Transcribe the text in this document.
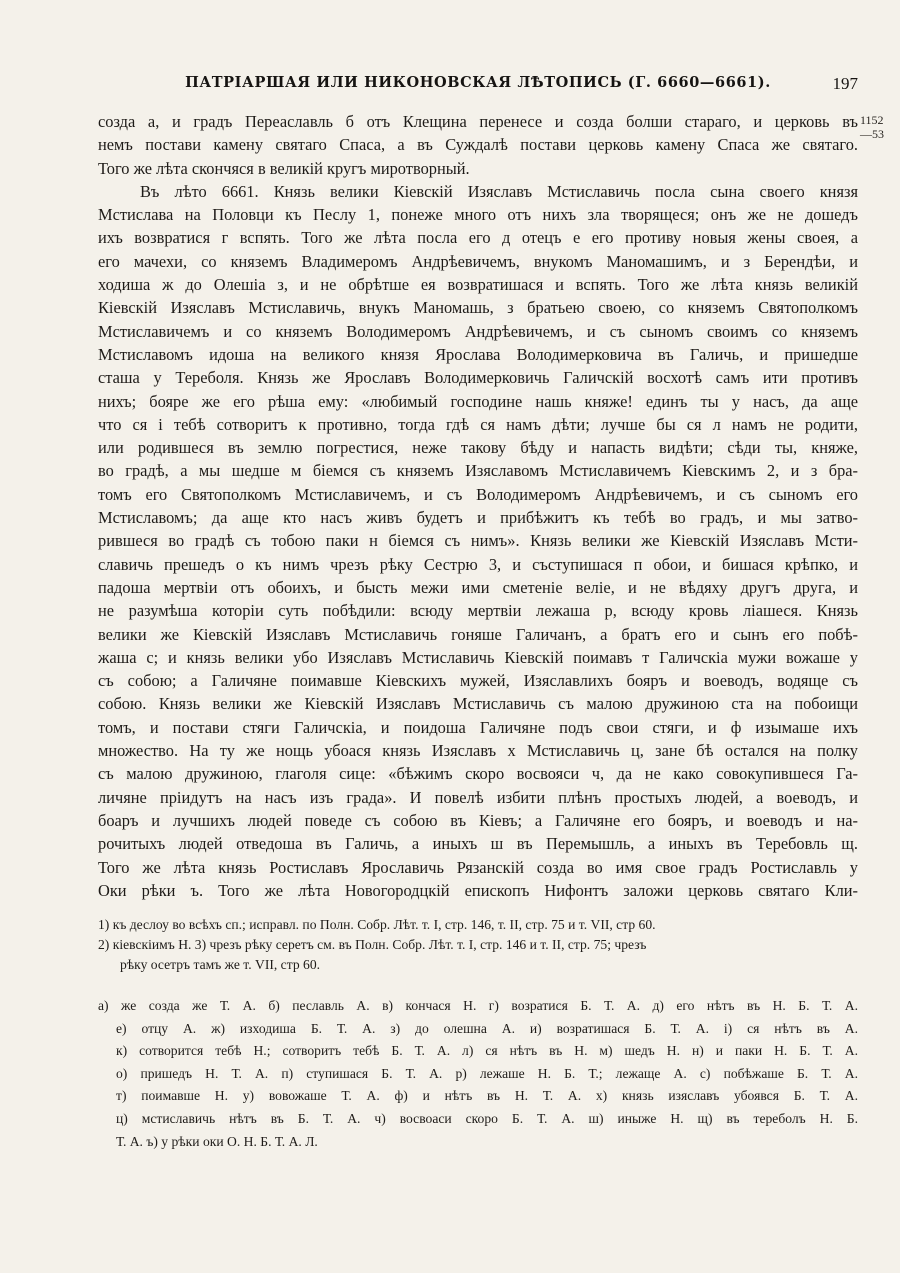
ПАТРІАРШАЯ ИЛИ НИКОНОВСКАЯ ЛѢТОПИСЬ (Г. 6660—6661).	197
1152
—53
созда а, и градъ Переаславль б отъ Клещина перенесе и созда болши стараго, и церковь въ
немъ постави камену святаго Спаса, а въ Суждалѣ постави церковь камену Спаса же святаго.
Того же лѣта скончяся в великій кругъ миротворный.
Въ лѣто 6661. Князь велики Кіевскій Изяславъ Мстиславичь посла сына своего князя
Мстислава на Половци къ Песлу 1, понеже много отъ нихъ зла творящеся; онъ же не дошедъ
ихъ возвратися г вспять. Того же лѣта посла его д отецъ е его противу новыя жены своея, а
его мачехи, со княземъ Владимеромъ Андрѣевичемъ, внукомъ Маномашимъ, и з Берендѣи, и
ходиша ж до Олешіа з, и не обрѣтше ея возвратишася и вспять. Того же лѣта князь великій
Кіевскій Изяславъ Мстиславичь, внукъ Маномашь, з братьею своею, со княземъ Святополкомъ
Мстиславичемъ и со княземъ Володимеромъ Андрѣевичемъ, и съ сыномъ своимъ со княземъ
Мстиславомъ идоша на великого князя Ярослава Володимерковича въ Галичь, и пришедше
сташа у Тереболя. Князь же Ярославъ Володимерковичь Галичскій восхотѣ самъ ити противъ
нихъ; бояре же его рѣша ему: «любимый господине нашь княже! единъ ты у насъ, да аще
что ся і тебѣ сотворитъ к противно, тогда гдѣ ся намъ дѣти; лучше бы ся л намъ не родити,
или родившеся въ землю погрестися, неже такову бѣду и напасть видѣти; сѣди ты, княже,
во градѣ, а мы шедше м біемся съ княземъ Изяславомъ Мстиславичемъ Кіевскимъ 2, и з бра-
томъ его Святополкомъ Мстиславичемъ, и съ Володимеромъ Андрѣевичемъ, и съ сыномъ его
Мстиславомъ; да аще кто насъ живъ будетъ и прибѣжитъ къ тебѣ во градъ, и мы затво-
рившеся во градѣ съ тобою паки н біемся съ нимъ». Князь велики же Кіевскій Изяславъ Мсти-
славичь прешедъ о къ нимъ чрезъ рѣку Сестрю 3, и съступишася п обои, и бишася крѣпко, и
падоша мертвіи отъ обоихъ, и бысть межи ими сметеніе веліе, и не вѣдяху другъ друга, и
не разумѣша которіи суть побѣдили: всюду мертвіи лежаша р, всюду кровь ліашеся. Князь
велики же Кіевскій Изяславъ Мстиславичь гоняше Галичанъ, а братъ его и сынъ его побѣ-
жаша с; и князь велики убо Изяславъ Мстиславичь Кіевскій поимавъ т Галичскіа мужи вожаше у
съ собою; а Галичяне поимавше Кіевскихъ мужей, Изяславлихъ бояръ и воеводъ, водяще съ
собою. Князь велики же Кіевскій Изяславъ Мстиславичь съ малою дружиною ста на побоищи
томъ, и постави стяги Галичскіа, и поидоша Галичяне подъ свои стяги, и ф изымаше ихъ
множество. На ту же нощь убоася князь Изяславъ х Мстиславичь ц, зане бѣ остался на полку
съ малою дружиною, глаголя сице: «бѣжимъ скоро восвояси ч, да не како совокупившеся Га-
личяне пріидутъ на насъ изъ града». И повелѣ избити плѣнъ простыхъ людей, а воеводъ, и
боаръ и лучшихъ людей поведе съ собою въ Кіевъ; а Галичяне его бояръ, и воеводъ и на-
рочитыхъ людей отведоша въ Галичь, а иныхъ ш въ Перемышль, а иныхъ въ Теребовль щ.
Того же лѣта князь Ростиславъ Ярославичь Рязанскій созда во имя свое градъ Ростиславль у
Оки рѣки ъ. Того же лѣта Новогородцкій епископъ Нифонтъ заложи церковь святаго Кли-
1) къ деслоу во всѣхъ сп.; исправл. по Полн. Собр. Лѣт. т. I, стр. 146, т. II, стр. 75 и т. VII, стр 60.
2) кіевскіимъ Н. 3) чрезъ рѣку серетъ см. въ Полн. Собр. Лѣт. т. I, стр. 146 и т. II, стр. 75; чрезъ
рѣку осетръ тамъ же т. VII, стр 60.
а) же созда же Т. А. б) пеславль А. в) кончася Н. г) возратися Б. Т. А. д) его нѣтъ въ Н. Б. Т. А.
е) отцу А. ж) изходиша Б. Т. А. з) до олешна А. и) возратишася Б. Т. А. і) ся нѣтъ въ А.
к) сотворится тебѣ Н.; сотворитъ тебѣ Б. Т. А. л) ся нѣтъ въ Н. м) шедъ Н. н) и паки Н. Б. Т. А.
о) пришедъ Н. Т. А. п) ступишася Б. Т. А. р) лежаше Н. Б. Т.; лежаще А. с) побѣжаше Б. Т. А.
т) поимавше Н. у) вовожаше Т. А. ф) и нѣтъ въ Н. Т. А. х) князь изяславъ убоявся Б. Т. А.
ц) мстиславичь нѣтъ въ Б. Т. А. ч) восвоаси скоро Б. Т. А. ш) иныже Н. щ) въ тереболъ Н. Б.
Т. А. ъ) у рѣки оки О. Н. Б. Т. А. Л.
